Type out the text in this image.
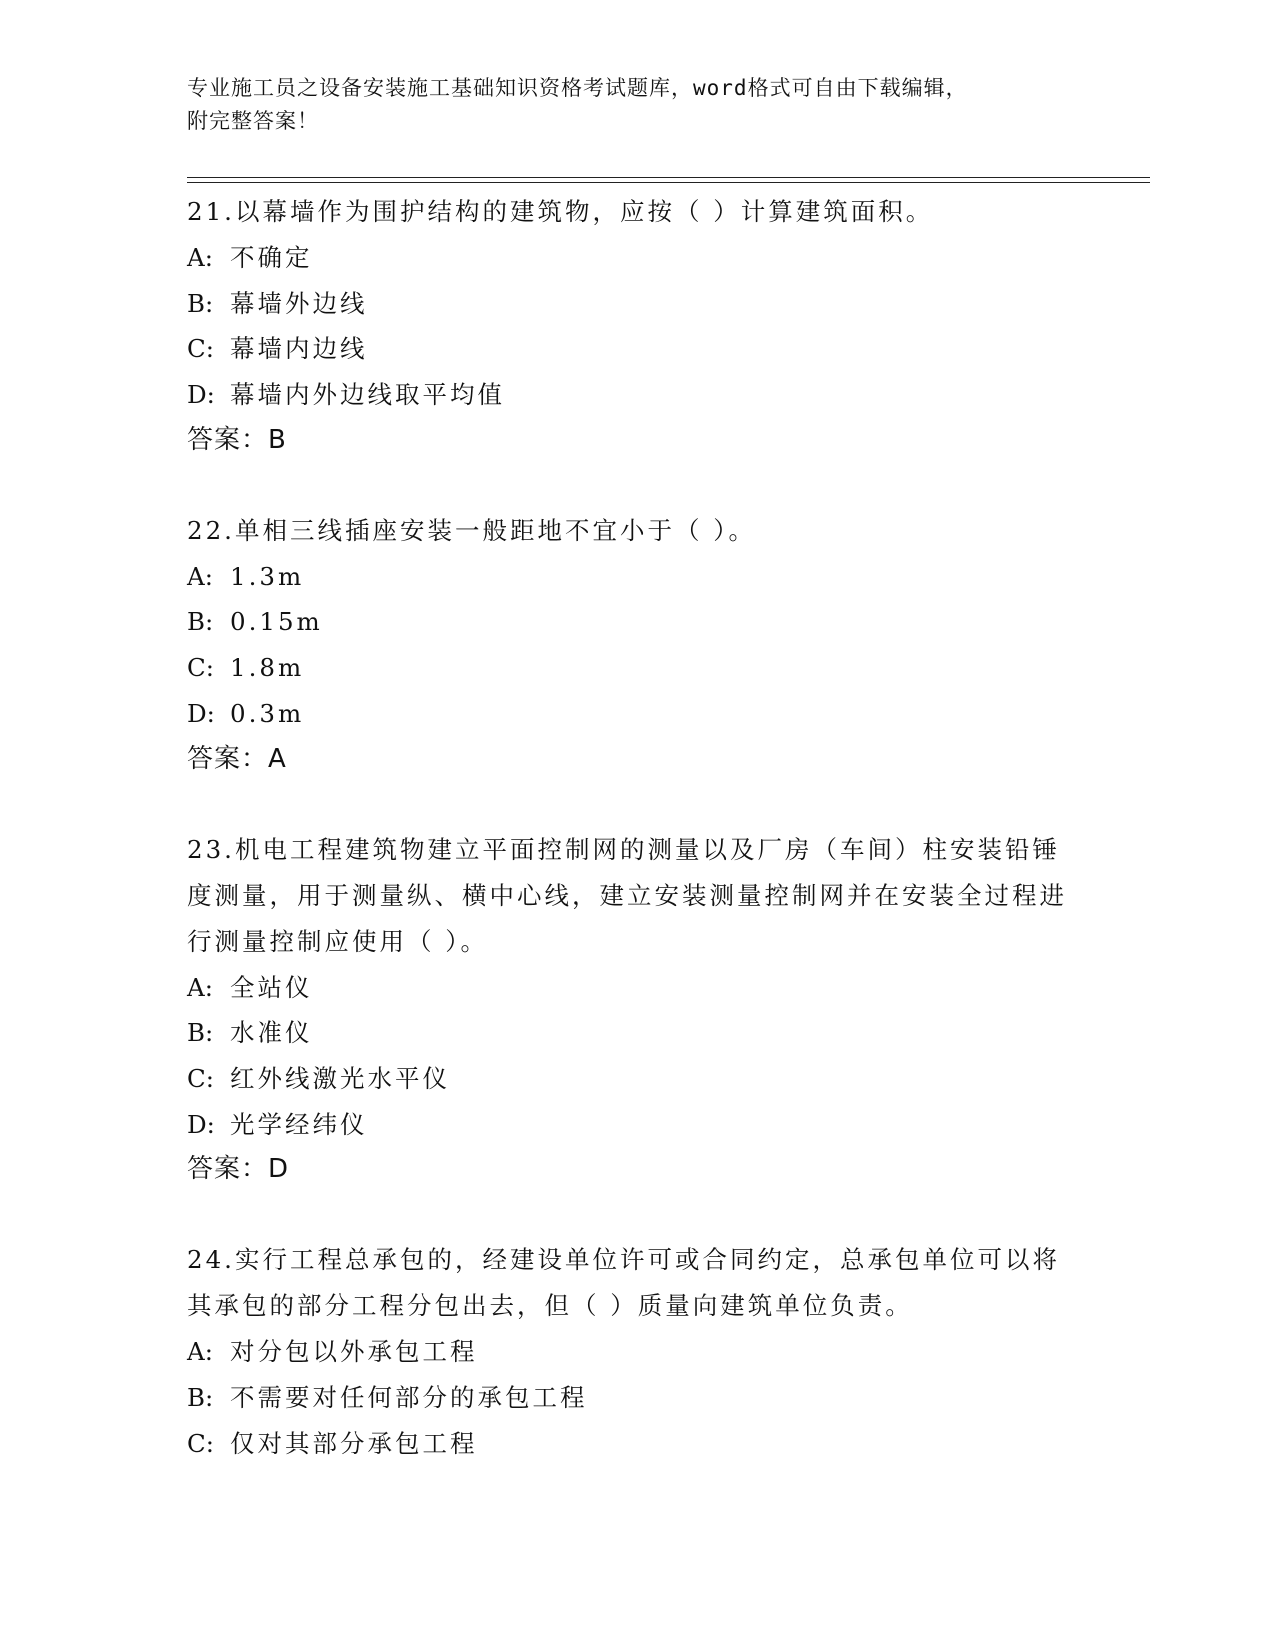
专业施工员之设备安装施工基础知识资格考试题库，word格式可自由下载编辑，
附完整答案！
21.以幕墙作为围护结构的建筑物，应按（ ）计算建筑面积。
A: 不确定
B: 幕墙外边线
C: 幕墙内边线
D: 幕墙内外边线取平均值
答案：B
22.单相三线插座安装一般距地不宜小于（ ）。
A: 1.3m
B: 0.15m
C: 1.8m
D: 0.3m
答案：A
23.机电工程建筑物建立平面控制网的测量以及厂房（车间）柱安装铅锤度测量，用于测量纵、横中心线，建立安装测量控制网并在安装全过程进行测量控制应使用（ ）。
A: 全站仪
B: 水准仪
C: 红外线激光水平仪
D: 光学经纬仪
答案：D
24.实行工程总承包的，经建设单位许可或合同约定，总承包单位可以将其承包的部分工程分包出去，但（ ）质量向建筑单位负责。
A: 对分包以外承包工程
B: 不需要对任何部分的承包工程
C: 仅对其部分承包工程
